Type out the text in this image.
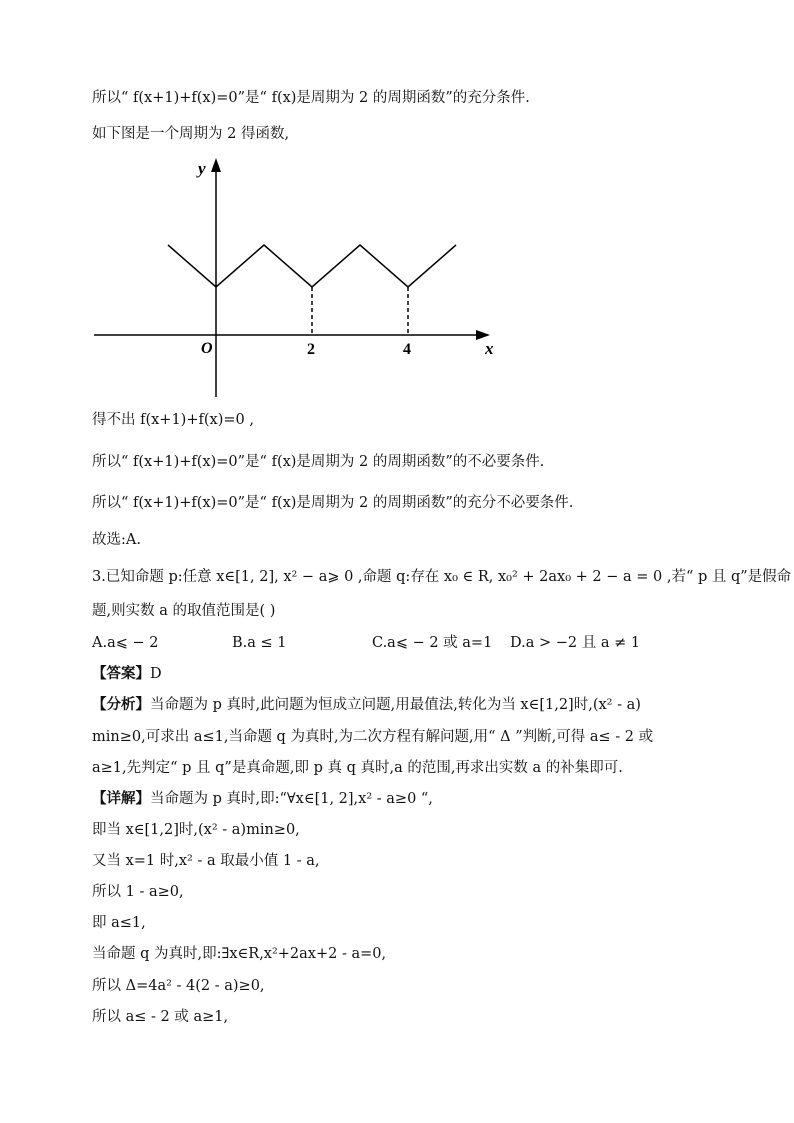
所以“ f(x+1)+f(x)=0”是“ f(x)是周期为 2 的周期函数”的充分条件.
如下图是一个周期为 2 得函数,
y
x
O	2	4
得不出 f(x+1)+f(x)=0 ,
所以“ f(x+1)+f(x)=0”是“ f(x)是周期为 2 的周期函数”的不必要条件.
所以“ f(x+1)+f(x)=0”是“ f(x)是周期为 2 的周期函数”的充分不必要条件.
故选:A.
3.已知命题 p:任意 x∈[1, 2], x² − a⩾ 0 ,命题 q:存在 x₀ ∈ R, x₀² + 2ax₀ + 2 − a = 0 ,若“ p 且 q”是假命
题,则实数 a 的取值范围是( )
A.a⩽ − 2	B.a ≤ 1	C.a⩽ − 2 或 a=1 D.a > −2 且 a ≠ 1
【答案】D
【分析】当命题为 p 真时,此问题为恒成立问题,用最值法,转化为当 x∈[1,2]时,(x² - a)
min≥0,可求出 a≤1,当命题 q 为真时,为二次方程有解问题,用“ Δ ”判断,可得 a≤ - 2 或
a≥1,先判定“ p 且 q”是真命题,即 p 真 q 真时,a 的范围,再求出实数 a 的补集即可.
【详解】当命题为 p 真时,即:“∀x∈[1, 2],x² - a≥0 “,
即当 x∈[1,2]时,(x² - a)min≥0,
又当 x=1 时,x² - a 取最小值 1 - a,
所以 1 - a≥0,
即 a≤1,
当命题 q 为真时,即:∃x∈R,x²+2ax+2 - a=0,
所以 Δ=4a² - 4(2 - a)≥0,
所以 a≤ - 2 或 a≥1,
